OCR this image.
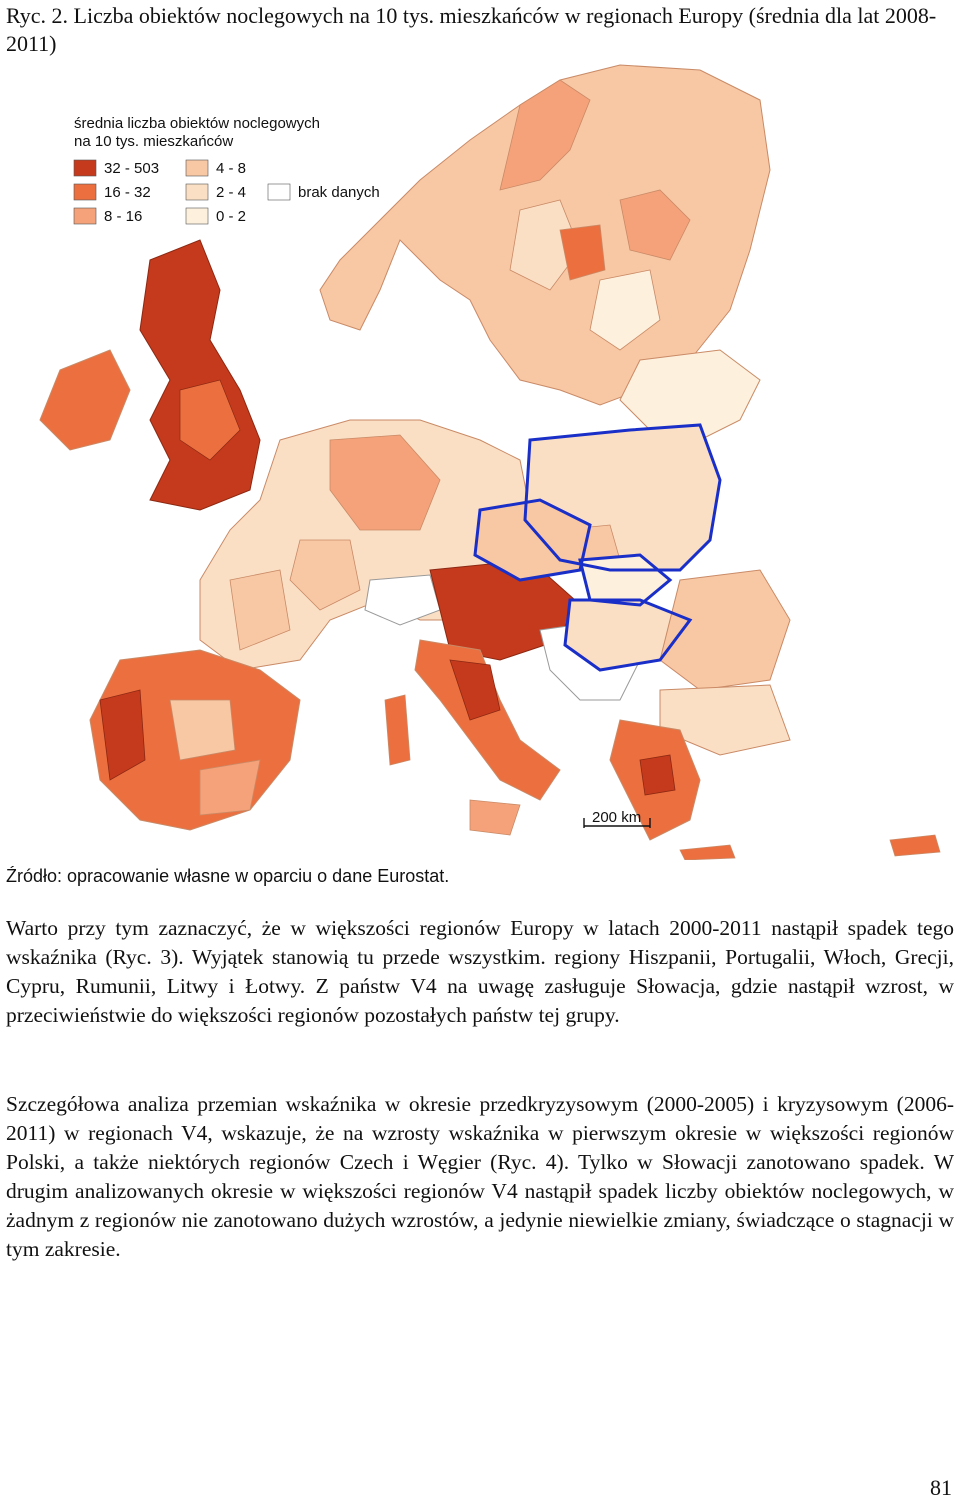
Ryc. 2. Liczba obiektów noclegowych na 10 tys. mieszkańców w regionach Europy (średnia dla lat 2008-2011)
średnia liczba obiektów noclegowych
na 10 tys. mieszkańców
32 - 503
16 - 32
8 - 16
4 - 8
2 - 4
0 - 2
brak danych
200 km
Źródło: opracowanie własne w oparciu o dane Eurostat.

Warto przy tym zaznaczyć, że w większości regionów Europy w latach 2000-2011 nastąpił spadek tego wskaźnika (Ryc. 3). Wyjątek stanowią tu przede wszystkim. regiony Hiszpanii, Portugalii, Włoch, Grecji, Cypru, Rumunii, Litwy i Łotwy. Z państw V4 na uwagę zasługuje Słowacja, gdzie nastąpił wzrost, w przeciwieństwie do większości regionów pozostałych państw tej grupy.

Szczegółowa analiza przemian wskaźnika w okresie przedkryzysowym (2000-2005) i kryzysowym (2006-2011) w regionach V4, wskazuje, że na wzrosty wskaźnika w pierwszym okresie w większości regionów Polski, a także niektórych regionów Czech i Węgier (Ryc. 4). Tylko w Słowacji zanotowano spadek. W drugim analizowanych okresie w większości regionów V4 nastąpił spadek liczby obiektów noclegowych, w żadnym z regionów nie zanotowano dużych wzrostów, a jedynie niewielkie zmiany, świadczące o stagnacji w tym zakresie.

81
